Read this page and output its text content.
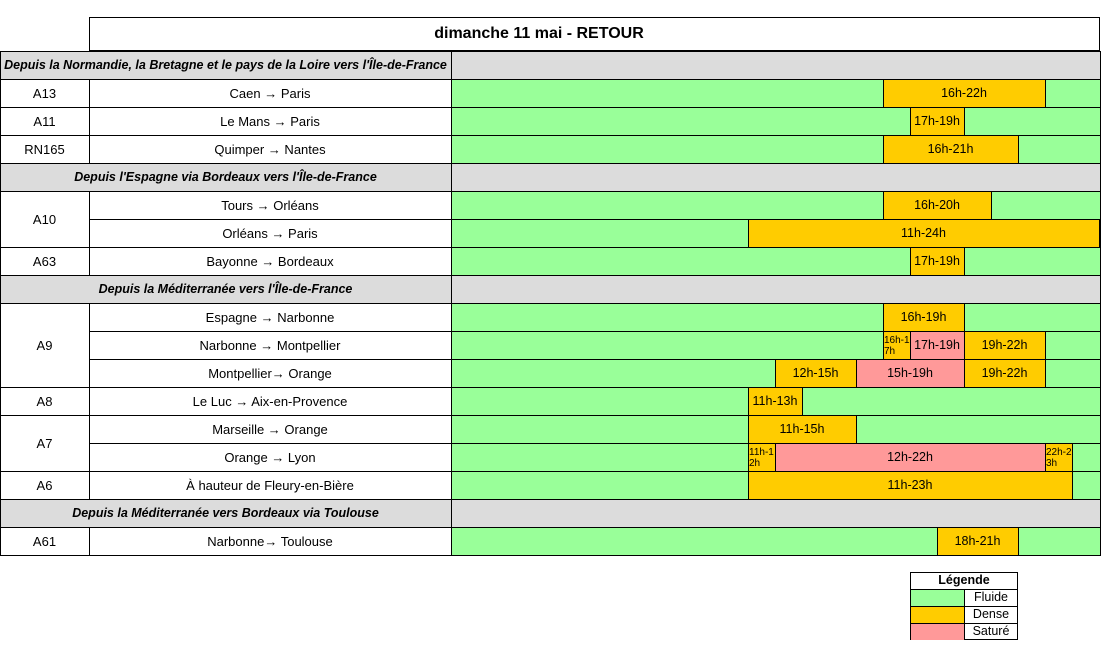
dimanche 11 mai - RETOUR
Depuis la Normandie, la Bretagne et le pays de la Loire vers l'Île-de-France
A13	Caen → Paris	16h-22h
A11	Le Mans → Paris	17h-19h
RN165	Quimper → Nantes	16h-21h
Depuis l'Espagne via Bordeaux vers l'Île-de-France
A10
Tours → Orléans	16h-20h
Orléans → Paris	11h-24h
A63	Bayonne → Bordeaux	17h-19h
Depuis la Méditerranée vers l'Île-de-France
A9
Espagne → Narbonne	16h-19h
Narbonne → Montpellier	16h-17h	17h-19h	19h-22h
Montpellier→ Orange	12h-15h	15h-19h	19h-22h
A8	Le Luc → Aix-en-Provence	11h-13h
A7
Marseille → Orange	11h-15h
Orange → Lyon	11h-12h	12h-22h	22h-23h
A6	À hauteur de Fleury-en-Bière	11h-23h
Depuis la Méditerranée vers Bordeaux via Toulouse
A61	Narbonne→ Toulouse	18h-21h
Légende
Fluide
Dense
Saturé
